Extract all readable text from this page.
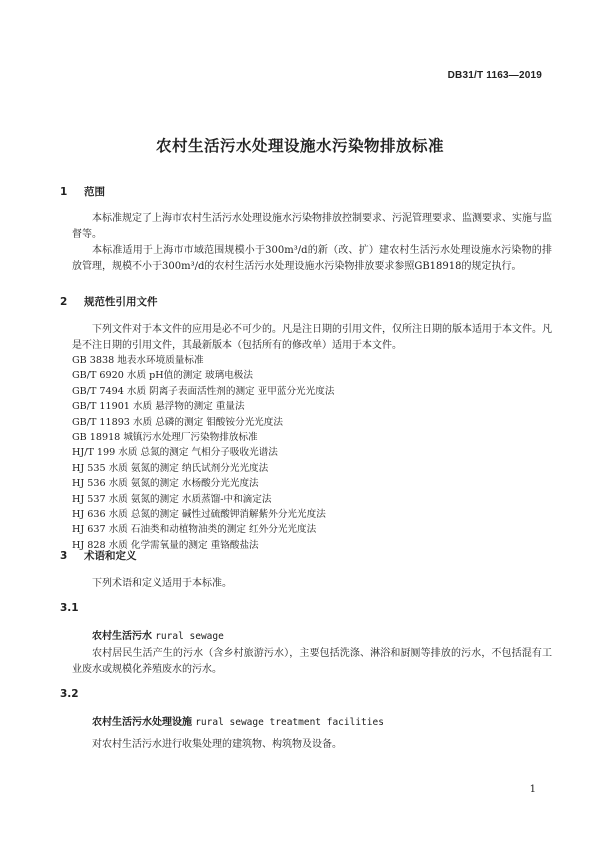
DB31/T 1163—2019
农村生活污水处理设施水污染物排放标准
1 范围
本标准规定了上海市农村生活污水处理设施水污染物排放控制要求、污泥管理要求、监测要求、实施与监督等。
本标准适用于上海市市域范围规模小于300m³/d的新（改、扩）建农村生活污水处理设施水污染物的排放管理，规模不小于300m³/d的农村生活污水处理设施水污染物排放要求参照GB18918的规定执行。
2 规范性引用文件
下列文件对于本文件的应用是必不可少的。凡是注日期的引用文件，仅所注日期的版本适用于本文件。凡是不注日期的引用文件，其最新版本（包括所有的修改单）适用于本文件。
GB 3838 地表水环境质量标准
GB/T 6920 水质 pH值的测定 玻璃电极法
GB/T 7494 水质 阴离子表面活性剂的测定 亚甲蓝分光光度法
GB/T 11901 水质 悬浮物的测定 重量法
GB/T 11893 水质 总磷的测定 钼酸铵分光光度法
GB 18918 城镇污水处理厂污染物排放标准
HJ/T 199 水质 总氮的测定 气相分子吸收光谱法
HJ 535 水质 氨氮的测定 纳氏试剂分光光度法
HJ 536 水质 氨氮的测定 水杨酸分光光度法
HJ 537 水质 氨氮的测定 水质蒸馏-中和滴定法
HJ 636 水质 总氮的测定 碱性过硫酸钾消解紫外分光光度法
HJ 637 水质 石油类和动植物油类的测定 红外分光光度法
HJ 828 水质 化学需氧量的测定 重铬酸盐法
3 术语和定义
下列术语和定义适用于本标准。
3.1
农村生活污水 rural sewage
农村居民生活产生的污水（含乡村旅游污水），主要包括洗涤、淋浴和厨厕等排放的污水，不包括混有工业废水或规模化养殖废水的污水。
3.2
农村生活污水处理设施 rural sewage treatment facilities
对农村生活污水进行收集处理的建筑物、构筑物及设备。
1
